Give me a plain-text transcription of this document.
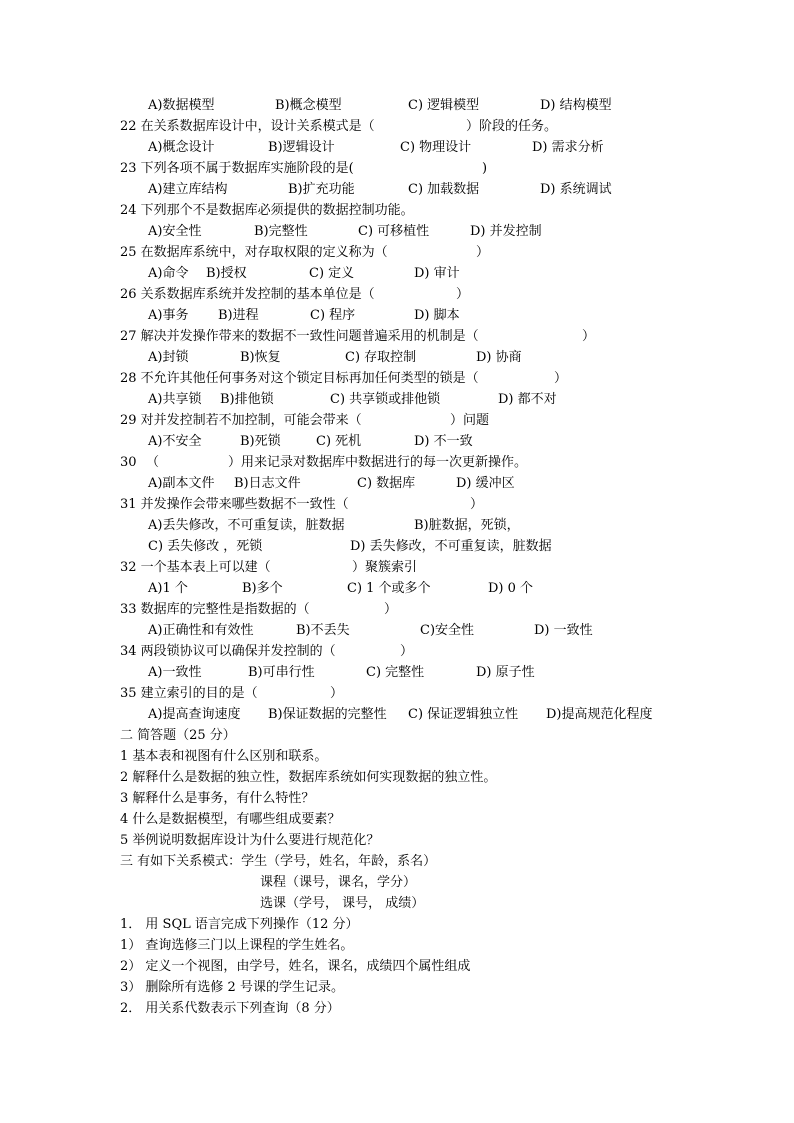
A)数据模型	B)概念模型	C) 逻辑模型	D) 结构模型
22 在关系数据库设计中，设计关系模式是（	）阶段的任务。
A)概念设计	B)逻辑设计	C) 物理设计	D) 需求分析
23 下列各项不属于数据库实施阶段的是(	)
A)建立库结构	B)扩充功能	C) 加载数据	D) 系统调试
24 下列那个不是数据库必须提供的数据控制功能。
A)安全性	B)完整性	C) 可移植性	D) 并发控制
25 在数据库系统中，对存取权限的定义称为（	）
A)命令 B)授权	C) 定义	D) 审计
26 关系数据库系统并发控制的基本单位是（	）
A)事务 B)进程	C) 程序	D) 脚本
27 解决并发操作带来的数据不一致性问题普遍采用的机制是（	）
A)封锁	B)恢复	C) 存取控制	D) 协商
28 不允许其他任何事务对这个锁定目标再加任何类型的锁是（	）
A)共享锁 B)排他锁	C) 共享锁或排他锁	D) 都不对
29 对并发控制若不加控制，可能会带来（	）问题
A)不安全	B)死锁	C) 死机	D) 不一致
30 （	）用来记录对数据库中数据进行的每一次更新操作。
A)副本文件 B)日志文件	C) 数据库	D) 缓冲区
31 并发操作会带来哪些数据不一致性（	）
A)丢失修改，不可重复读，脏数据	B)脏数据，死锁，
C) 丢失修改 ，死锁	D) 丢失修改，不可重复读，脏数据
32 一个基本表上可以建（	）聚簇索引
A)1 个	B)多个	C) 1 个或多个	D) 0 个
33 数据库的完整性是指数据的（	）
A)正确性和有效性	B)不丢失	C)安全性	D) 一致性
34 两段锁协议可以确保并发控制的（	）
A)一致性	B)可串行性	C) 完整性	D) 原子性
35 建立索引的目的是（	）
A)提高查询速度 B)保证数据的完整性 C) 保证逻辑独立性 D)提高规范化程度
二 简答题（25 分）
1 基本表和视图有什么区别和联系。
2 解释什么是数据的独立性，数据库系统如何实现数据的独立性。
3 解释什么是事务，有什么特性？
4 什么是数据模型，有哪些组成要素？
5 举例说明数据库设计为什么要进行规范化？
三 有如下关系模式：学生（学号，姓名，年龄，系名）
课程（课号，课名，学分）
选课（学号， 课号， 成绩）
1． 用 SQL 语言完成下列操作（12 分）
1） 查询选修三门以上课程的学生姓名。
2） 定义一个视图，由学号，姓名，课名，成绩四个属性组成
3） 删除所有选修 2 号课的学生记录。
2． 用关系代数表示下列查询（8 分）
